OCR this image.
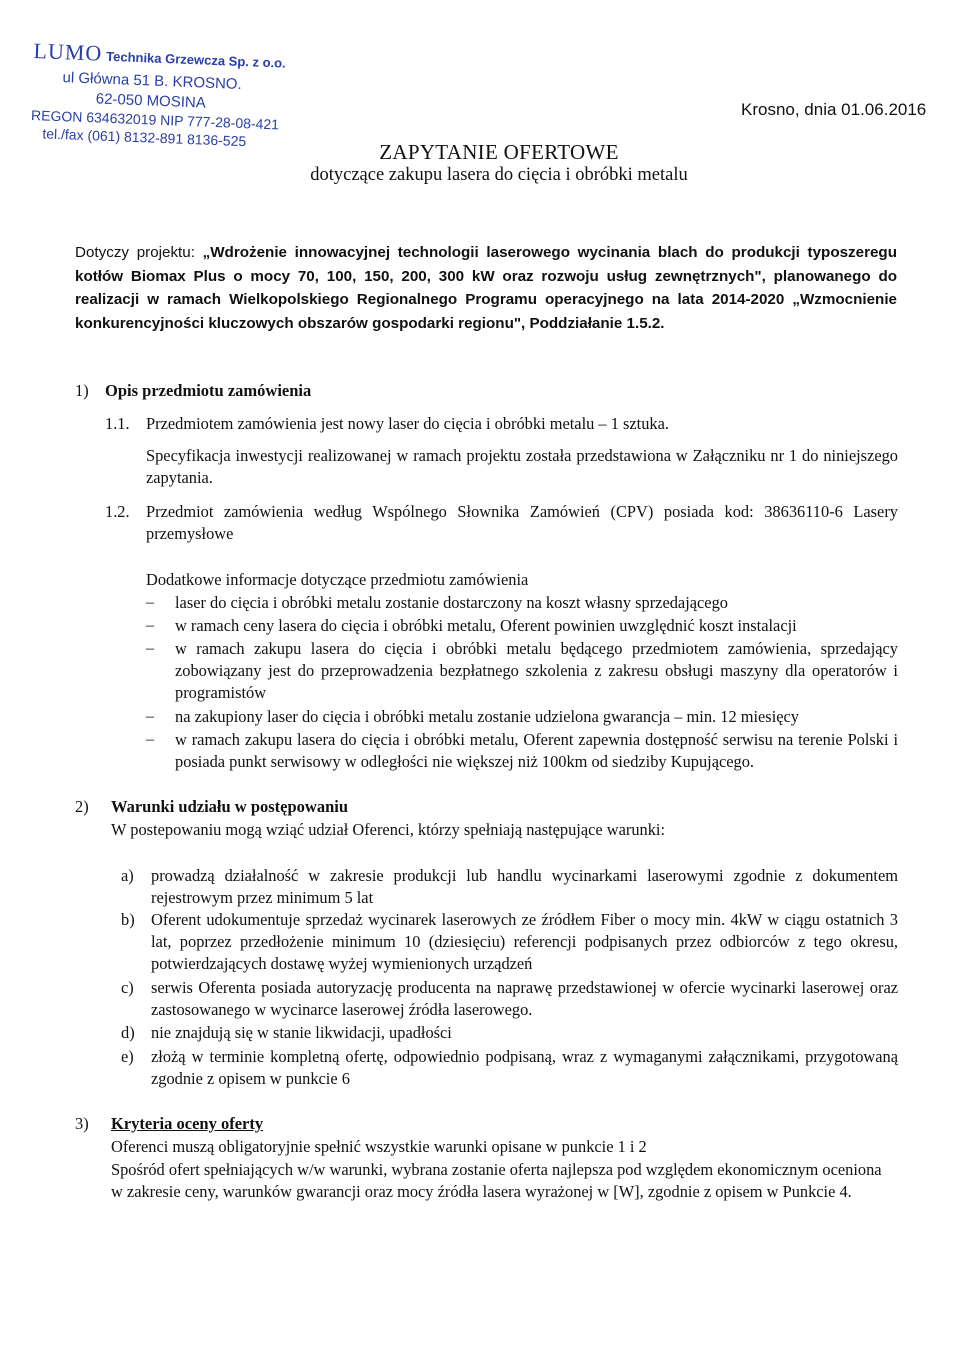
LUMO Technika Grzewcza Sp. z o.o.
ul Główna 51 B. KROSNO.
62-050 MOSINA
REGON 634632019 NIP 777-28-08-421
tel./fax (061) 8132-891 8136-525
Krosno, dnia 01.06.2016
ZAPYTANIE OFERTOWE
dotyczące zakupu lasera do cięcia i obróbki metalu
Dotyczy projektu: „Wdrożenie innowacyjnej technologii laserowego wycinania blach do produkcji typoszeregu kotłów Biomax Plus o mocy 70, 100, 150, 200, 300 kW oraz rozwoju usług zewnętrznych", planowanego do realizacji w ramach Wielkopolskiego Regionalnego Programu operacyjnego na lata 2014-2020 „Wzmocnienie konkurencyjności kluczowych obszarów gospodarki regionu", Poddziałanie 1.5.2.
1) Opis przedmiotu zamówienia
1.1. Przedmiotem zamówienia jest nowy laser do cięcia i obróbki metalu – 1 sztuka.
Specyfikacja inwestycji realizowanej w ramach projektu została przedstawiona w Załączniku nr 1 do niniejszego zapytania.
1.2. Przedmiot zamówienia według Wspólnego Słownika Zamówień (CPV) posiada kod: 38636110-6 Lasery przemysłowe
Dodatkowe informacje dotyczące przedmiotu zamówienia
– laser do cięcia i obróbki metalu zostanie dostarczony na koszt własny sprzedającego
– w ramach ceny lasera do cięcia i obróbki metalu, Oferent powinien uwzględnić koszt instalacji
– w ramach zakupu lasera do cięcia i obróbki metalu będącego przedmiotem zamówienia, sprzedający zobowiązany jest do przeprowadzenia bezpłatnego szkolenia z zakresu obsługi maszyny dla operatorów i programistów
– na zakupiony laser do cięcia i obróbki metalu zostanie udzielona gwarancja – min. 12 miesięcy
– w ramach zakupu lasera do cięcia i obróbki metalu, Oferent zapewnia dostępność serwisu na terenie Polski i posiada punkt serwisowy w odległości nie większej niż 100km od siedziby Kupującego.
2) Warunki udziału w postępowaniu
W postepowaniu mogą wziąć udział Oferenci, którzy spełniają następujące warunki:
a) prowadzą działalność w zakresie produkcji lub handlu wycinarkami laserowymi zgodnie z dokumentem rejestrowym przez minimum 5 lat
b) Oferent udokumentuje sprzedaż wycinarek laserowych ze źródłem Fiber o mocy min. 4kW w ciągu ostatnich 3 lat, poprzez przedłożenie minimum 10 (dziesięciu) referencji podpisanych przez odbiorców z tego okresu, potwierdzających dostawę wyżej wymienionych urządzeń
c) serwis Oferenta posiada autoryzację producenta na naprawę przedstawionej w ofercie wycinarki laserowej oraz zastosowanego w wycinarce laserowej źródła laserowego.
d) nie znajdują się w stanie likwidacji, upadłości
e) złożą w terminie kompletną ofertę, odpowiednio podpisaną, wraz z wymaganymi załącznikami, przygotowaną zgodnie z opisem w punkcie 6
3) Kryteria oceny oferty
Oferenci muszą obligatoryjnie spełnić wszystkie warunki opisane w punkcie 1 i 2
Spośród ofert spełniających w/w warunki, wybrana zostanie oferta najlepsza pod względem ekonomicznym oceniona w zakresie ceny, warunków gwarancji oraz mocy źródła lasera wyrażonej w [W], zgodnie z opisem w Punkcie 4.
